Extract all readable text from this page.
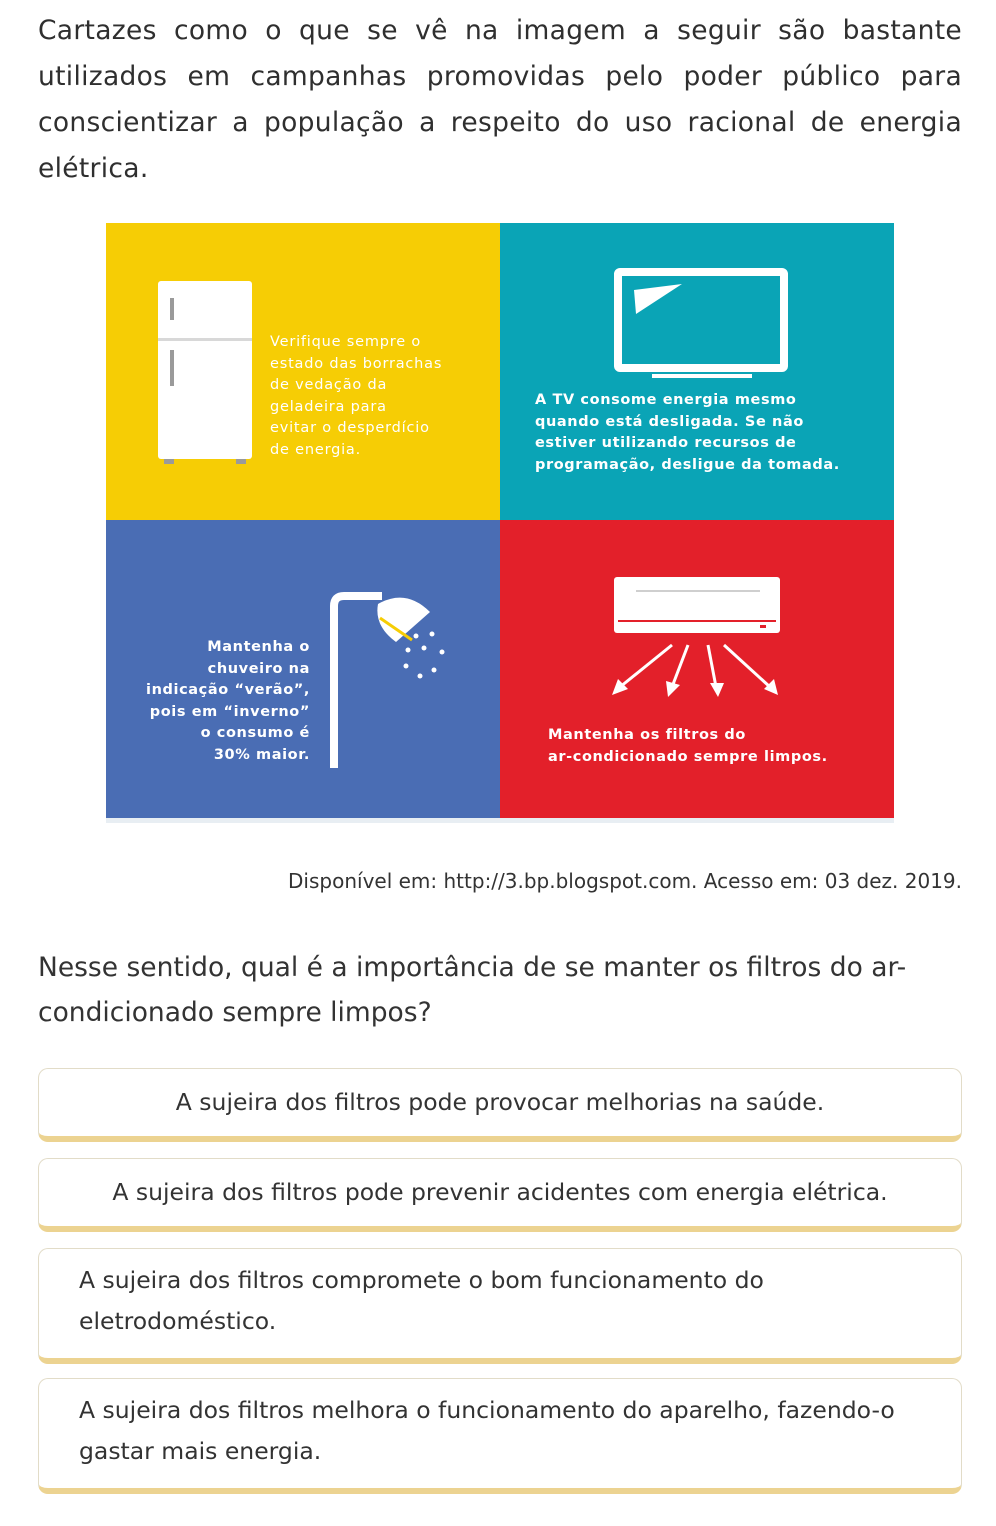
Cartazes como o que se vê na imagem a seguir são bastante utilizados em campanhas promovidas pelo poder público para conscientizar a população a respeito do uso racional de energia elétrica.

Verifique sempre o
estado das borrachas
de vedação da
geladeira para
evitar o desperdício
de energia.
A TV consome energia mesmo
quando está desligada. Se não
estiver utilizando recursos de
programação, desligue da tomada.
Mantenha o
chuveiro na
indicação “verão”,
pois em “inverno”
o consumo é
30% maior.
Mantenha os filtros do
ar-condicionado sempre limpos.

Disponível em: http://3.bp.blogspot.com. Acesso em: 03 dez. 2019.

Nesse sentido, qual é a importância de se manter os filtros do ar-condicionado sempre limpos?

A sujeira dos filtros pode provocar melhorias na saúde.
A sujeira dos filtros pode prevenir acidentes com energia elétrica.
A sujeira dos filtros compromete o bom funcionamento do eletrodoméstico.
A sujeira dos filtros melhora o funcionamento do aparelho, fazendo-o gastar mais energia.
